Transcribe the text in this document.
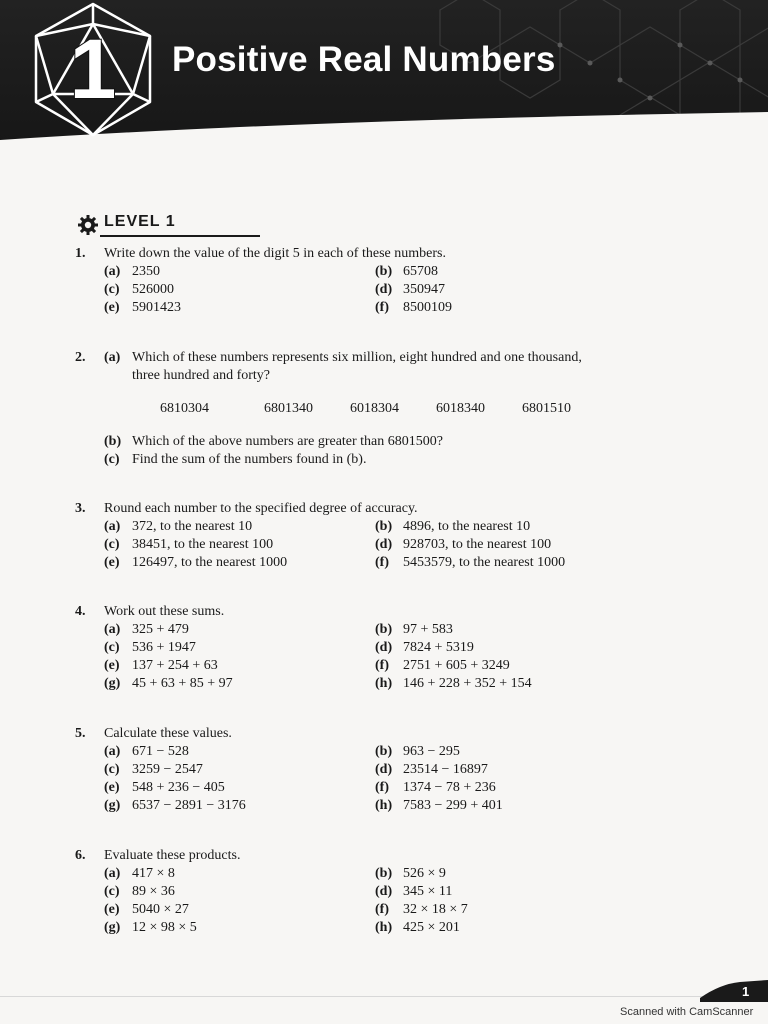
1 Positive Real Numbers
LEVEL 1
1.	Write down the value of the digit 5 in each of these numbers.
(a) 2350	(b) 65708
(c) 526000	(d) 350947
(e) 5901423	(f) 8500109
2.	(a) Which of these numbers represents six million, eight hundred and one thousand,
three hundred and forty?
6810304	6801340	6018304	6018340	6801510
(b) Which of the above numbers are greater than 6801500?
(c) Find the sum of the numbers found in (b).
3.	Round each number to the specified degree of accuracy.
(a) 372, to the nearest 10	(b) 4896, to the nearest 10
(c) 38451, to the nearest 100	(d) 928703, to the nearest 100
(e) 126497, to the nearest 1000	(f) 5453579, to the nearest 1000
4.	Work out these sums.
(a) 325 + 479	(b) 97 + 583
(c) 536 + 1947	(d) 7824 + 5319
(e) 137 + 254 + 63	(f) 2751 + 605 + 3249
(g) 45 + 63 + 85 + 97	(h) 146 + 228 + 352 + 154
5.	Calculate these values.
(a) 671 − 528	(b) 963 − 295
(c) 3259 − 2547	(d) 23514 − 16897
(e) 548 + 236 − 405	(f) 1374 − 78 + 236
(g) 6537 − 2891 − 3176	(h) 7583 − 299 + 401
6.	Evaluate these products.
(a) 417 × 8	(b) 526 × 9
(c) 89 × 36	(d) 345 × 11
(e) 5040 × 27	(f) 32 × 18 × 7
(g) 12 × 98 × 5	(h) 425 × 201
1
Scanned with CamScanner
